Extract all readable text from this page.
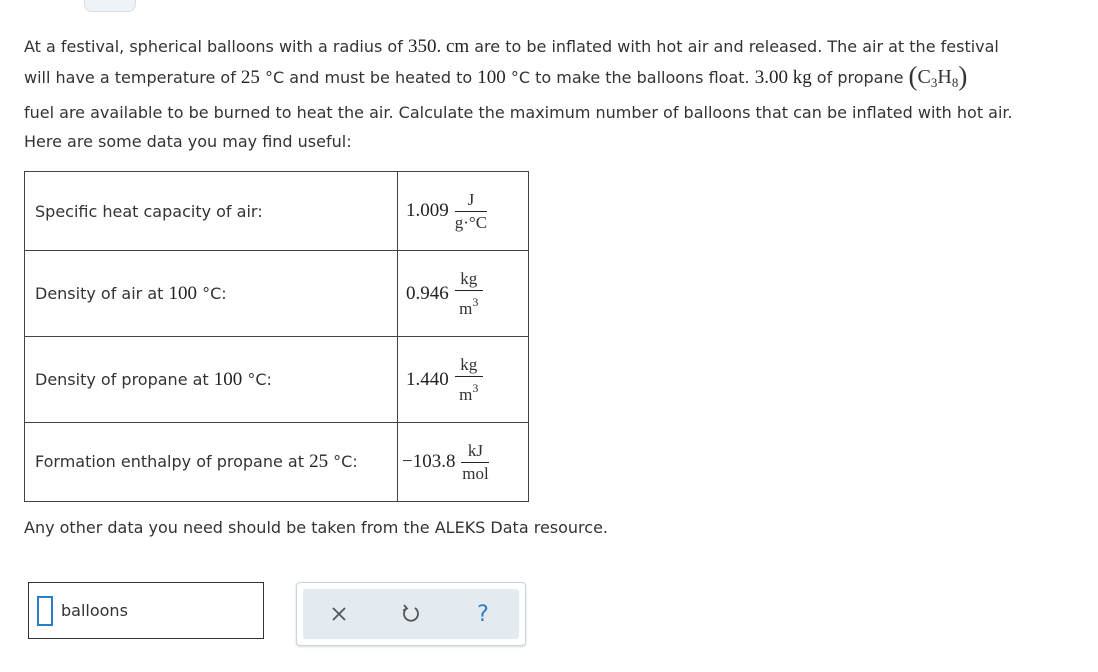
At a festival, spherical balloons with a radius of 350. cm are to be inflated with hot air and released. The air at the festival

will have a temperature of 25 °C and must be heated to 100 °C to make the balloons float. 3.00 kg of propane $(C_3H_8)$

fuel are available to be burned to heat the air. Calculate the maximum number of balloons that can be inflated with hot air.

Here are some data you may find useful:

Specific heat capacity of air:	$1.009 \frac{J}{g\cdot^\circ C}$

Density of air at 100 °C:	$0.946 \frac{kg}{m^3}$

Density of propane at 100 °C:	$1.440 \frac{kg}{m^3}$

Formation enthalpy of propane at 25 °C:	$-103.8 \frac{kJ}{\text{mol}}$

Any other data you need should be taken from the ALEKS Data resource.

balloons	?
